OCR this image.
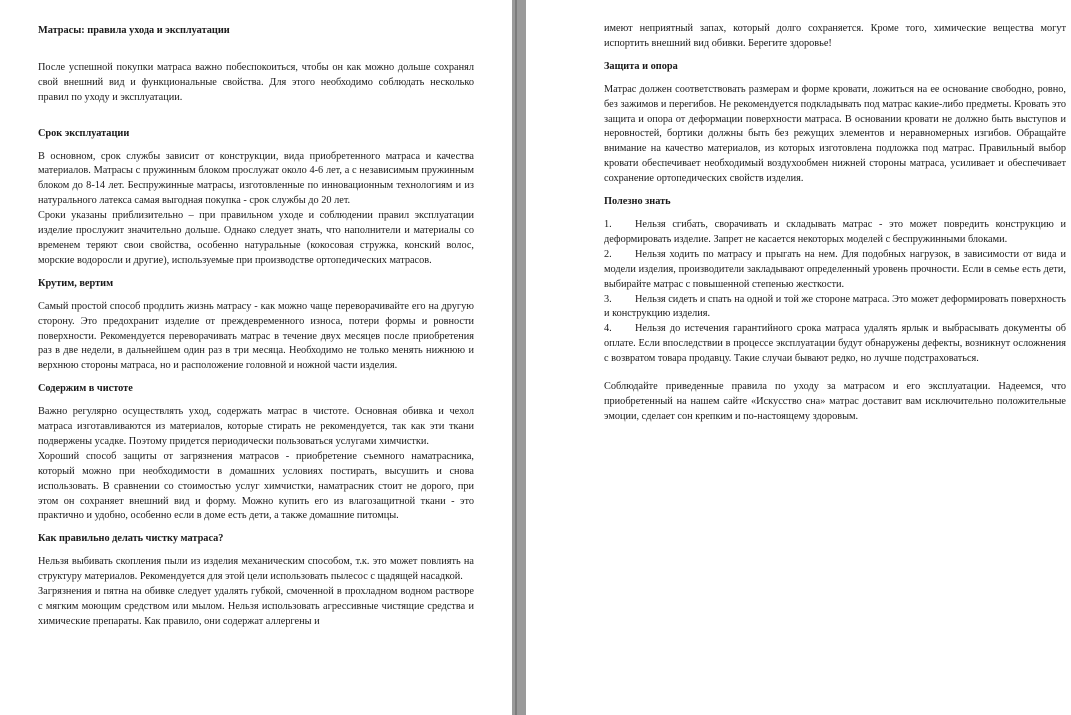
Матрасы: правила ухода и эксплуатации

После успешной покупки матраса важно побеспокоиться, чтобы он как можно дольше сохранял свой внешний вид и функциональные свойства. Для этого необходимо соблюдать несколько правил по уходу и эксплуатации.

Срок эксплуатации

В основном, срок службы зависит от конструкции, вида приобретенного матраса и качества материалов. Матрасы с пружинным блоком прослужат около 4-6 лет, а с независимым пружинным блоком до 8-14 лет. Беспружинные матрасы, изготовленные по инновационным технологиям и из натурального латекса самая выгодная покупка - срок службы до 20 лет.

Сроки указаны приблизительно – при правильном уходе и соблюдении правил эксплуатации изделие прослужит значительно дольше. Однако следует знать, что наполнители и материалы со временем теряют свои свойства, особенно натуральные (кокосовая стружка, конский волос, морские водоросли и другие), используемые при производстве ортопедических матрасов.

Крутим, вертим

Самый простой способ продлить жизнь матрасу - как можно чаще переворачивайте его на другую сторону. Это предохранит изделие от преждевременного износа, потери формы и ровности поверхности. Рекомендуется переворачивать матрас в течение двух месяцев после приобретения раз в две недели, в дальнейшем один раз в три месяца. Необходимо не только менять нижнюю и верхнюю стороны матраса, но и расположение головной и ножной части изделия.

Содержим в чистоте

Важно регулярно осуществлять уход, содержать матрас в чистоте. Основная обивка и чехол матраса изготавливаются из материалов, которые стирать не рекомендуется, так как эти ткани подвержены усадке. Поэтому придется периодически пользоваться услугами химчистки.

Хороший способ защиты от загрязнения матрасов - приобретение съемного наматрасника, который можно при необходимости в домашних условиях постирать, высушить и снова использовать. В сравнении со стоимостью услуг химчистки, наматрасник стоит не дорого, при этом он сохраняет внешний вид и форму. Можно купить его из влагозащитной ткани - это практично и удобно, особенно если в доме есть дети, а также домашние питомцы.

Как правильно делать чистку матраса?

Нельзя выбивать скопления пыли из изделия механическим способом, т.к. это может повлиять на структуру материалов. Рекомендуется для этой цели использовать пылесос с щадящей насадкой.

Загрязнения и пятна на обивке следует удалять губкой, смоченной в прохладном водном растворе с мягким моющим средством или мылом. Нельзя использовать агрессивные чистящие средства и химические препараты. Как правило, они содержат аллергены и

имеют неприятный запах, который долго сохраняется. Кроме того, химические вещества могут испортить внешний вид обивки. Берегите здоровье!

Защита и опора

Матрас должен соответствовать размерам и форме кровати, ложиться на ее основание свободно, ровно, без зажимов и перегибов. Не рекомендуется подкладывать под матрас какие-либо предметы. Кровать это защита и опора от деформации поверхности матраса. В основании кровати не должно быть выступов и неровностей, бортики должны быть без режущих элементов и неравномерных изгибов. Обращайте внимание на качество материалов, из которых изготовлена подложка под матрас. Правильный выбор кровати обеспечивает необходимый воздухообмен нижней стороны матраса, усиливает и обеспечивает сохранение ортопедических свойств изделия.

Полезно знать

1. Нельзя сгибать, сворачивать и складывать матрас - это может повредить конструкцию и деформировать изделие. Запрет не касается некоторых моделей с беспружинными блоками.

2. Нельзя ходить по матрасу и прыгать на нем. Для подобных нагрузок, в зависимости от вида и модели изделия, производители закладывают определенный уровень прочности. Если в семье есть дети, выбирайте матрас с повышенной степенью жесткости.

3. Нельзя сидеть и спать на одной и той же стороне матраса. Это может деформировать поверхность и конструкцию изделия.

4. Нельзя до истечения гарантийного срока матраса удалять ярлык и выбрасывать документы об оплате. Если впоследствии в процессе эксплуатации будут обнаружены дефекты, возникнут осложнения с возвратом товара продавцу. Такие случаи бывают редко, но лучше подстраховаться.

Соблюдайте приведенные правила по уходу за матрасом и его эксплуатации. Надеемся, что приобретенный на нашем сайте «Искусство сна» матрас доставит вам исключительно положительные эмоции, сделает сон крепким и по-настоящему здоровым.
